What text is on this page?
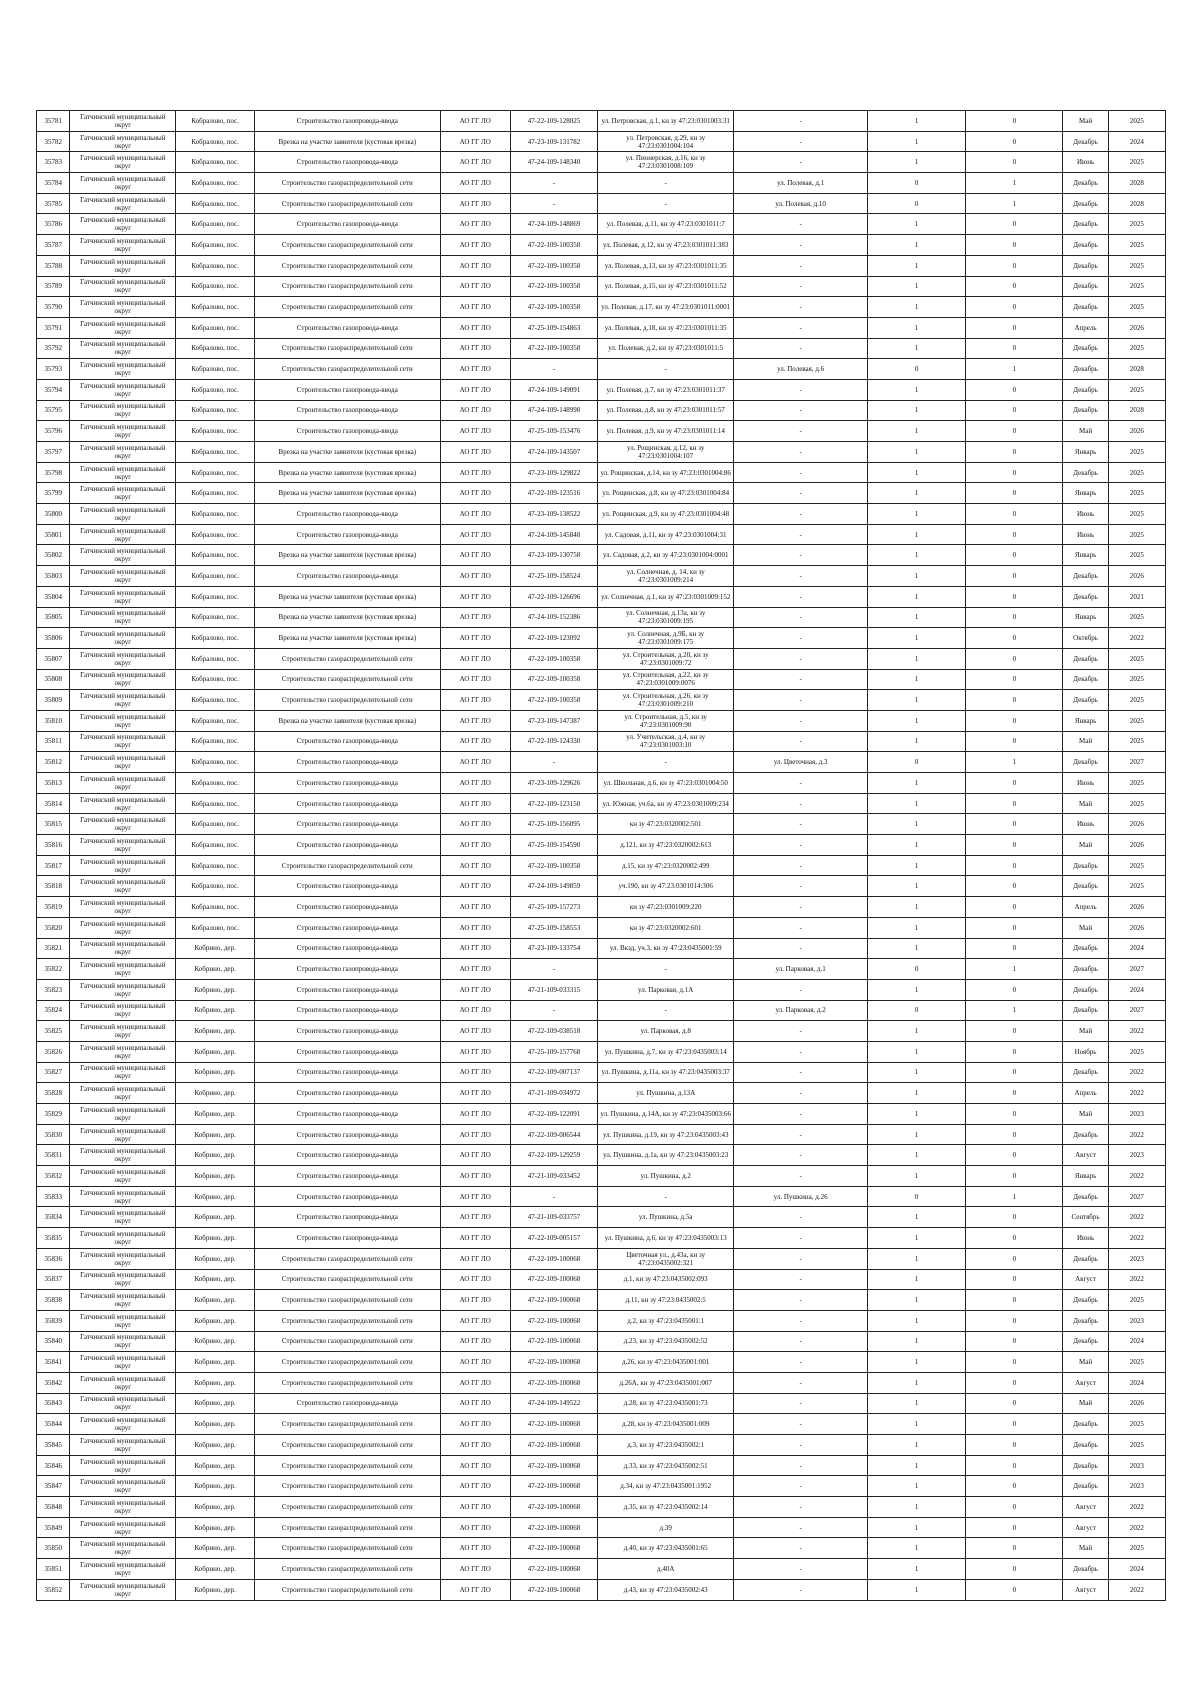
35781	Гатчинский муниципальный округ	Кобралово, пос.	Строительство газопровода-ввода	АО ГГ ЛО	47-22-109-128025	ул. Петровская, д.1, кн зу 47:23:0301003:31	-	1	0	Май	2025
35782	Гатчинский муниципальный округ	Кобралово, пос.	Врезка на участке заявителя (кустовая врезка)	АО ГГ ЛО	47-23-109-131782	ул. Петровская, д.29, кн зу 47:23:0301004:104	-	1	0	Декабрь	2024
35783	Гатчинский муниципальный округ	Кобралово, пос.	Строительство газопровода-ввода	АО ГГ ЛО	47-24-109-148340	ул. Пионерская, д.16, кн зу 47:23:0301008:109	-	1	0	Июнь	2025
35784	Гатчинский муниципальный округ	Кобралово, пос.	Строительство газораспределительной сети	АО ГГ ЛО	-	-	ул. Полевая, д.1	0	1	Декабрь	2028
35785	Гатчинский муниципальный округ	Кобралово, пос.	Строительство газораспределительной сети	АО ГГ ЛО	-	-	ул. Полевая, д.10	0	1	Декабрь	2028
35786	Гатчинский муниципальный округ	Кобралово, пос.	Строительство газопровода-ввода	АО ГГ ЛО	47-24-109-148869	ул. Полевая, д.11, кн зу 47:23:0301011:7	-	1	0	Декабрь	2025
35787	Гатчинский муниципальный округ	Кобралово, пос.	Строительство газораспределительной сети	АО ГГ ЛО	47-22-109-100358	ул. Полевая, д.12, кн зу 47:23:0301011:383	-	1	0	Декабрь	2025
35788	Гатчинский муниципальный округ	Кобралово, пос.	Строительство газораспределительной сети	АО ГГ ЛО	47-22-109-100358	ул. Полевая, д.13, кн зу 47:23:0301011:35	-	1	0	Декабрь	2025
35789	Гатчинский муниципальный округ	Кобралово, пос.	Строительство газораспределительной сети	АО ГГ ЛО	47-22-109-100358	ул. Полевая, д.15, кн зу 47:23:0301011:52	-	1	0	Декабрь	2025
35790	Гатчинский муниципальный округ	Кобралово, пос.	Строительство газораспределительной сети	АО ГГ ЛО	47-22-109-100358	ул. Полевая, д.17, кн зу 47:23:0301011:0001	-	1	0	Декабрь	2025
35791	Гатчинский муниципальный округ	Кобралово, пос.	Строительство газопровода-ввода	АО ГГ ЛО	47-25-109-154863	ул. Полевая, д.18, кн зу 47:23:0301011:35	-	1	0	Апрель	2026
35792	Гатчинский муниципальный округ	Кобралово, пос.	Строительство газораспределительной сети	АО ГГ ЛО	47-22-109-100358	ул. Полевая, д.2, кн зу 47:23:0301011:5	-	1	0	Декабрь	2025
35793	Гатчинский муниципальный округ	Кобралово, пос.	Строительство газораспределительной сети	АО ГГ ЛО	-	-	ул. Полевая, д.6	0	1	Декабрь	2028
35794	Гатчинский муниципальный округ	Кобралово, пос.	Строительство газопровода-ввода	АО ГГ ЛО	47-24-109-149091	ул. Полевая, д.7, кн зу 47:23:0301011:37	-	1	0	Декабрь	2025
35795	Гатчинский муниципальный округ	Кобралово, пос.	Строительство газопровода-ввода	АО ГГ ЛО	47-24-109-148998	ул. Полевая, д.8, кн зу 47:23:0301011:57	-	1	0	Декабрь	2028
35796	Гатчинский муниципальный округ	Кобралово, пос.	Строительство газопровода-ввода	АО ГГ ЛО	47-25-109-153476	ул. Полевая, д.9, кн зу 47:23:0301011:14	-	1	0	Май	2026
35797	Гатчинский муниципальный округ	Кобралово, пос.	Врезка на участке заявителя (кустовая врезка)	АО ГГ ЛО	47-24-109-143507	ул. Рощинская, д.12, кн зу 47:23:0301004:107	-	1	0	Январь	2025
35798	Гатчинский муниципальный округ	Кобралово, пос.	Врезка на участке заявителя (кустовая врезка)	АО ГГ ЛО	47-23-109-129822	ул. Рощинская, д.14, кн зу 47:23:0301004:86	-	1	0	Декабрь	2025
35799	Гатчинский муниципальный округ	Кобралово, пос.	Врезка на участке заявителя (кустовая врезка)	АО ГГ ЛО	47-22-109-123516	ул. Рощинская, д.8, кн зу 47:23:0301004:84	-	1	0	Январь	2025
35800	Гатчинский муниципальный округ	Кобралово, пос.	Строительство газопровода-ввода	АО ГГ ЛО	47-23-109-138522	ул. Рощинская, д.9, кн зу 47:23:0301004:48	-	1	0	Июнь	2025
35801	Гатчинский муниципальный округ	Кобралово, пос.	Строительство газопровода-ввода	АО ГГ ЛО	47-24-109-145848	ул. Садовая, д.11, кн зу 47:23:0301004:31	-	1	0	Июнь	2025
35802	Гатчинский муниципальный округ	Кобралово, пос.	Врезка на участке заявителя (кустовая врезка)	АО ГГ ЛО	47-23-109-130758	ул. Садовая, д.2, кн зу 47:23:0301004:0001	-	1	0	Январь	2025
35803	Гатчинский муниципальный округ	Кобралово, пос.	Строительство газопровода-ввода	АО ГГ ЛО	47-25-109-158524	ул. Солнечная, д. 14, кн зу 47:23:0301009:214	-	1	0	Декабрь	2026
35804	Гатчинский муниципальный округ	Кобралово, пос.	Врезка на участке заявителя (кустовая врезка)	АО ГГ ЛО	47-22-109-126696	ул. Солнечная, д.1, кн зу 47:23:0301009:152	-	1	0	Декабрь	2021
35805	Гатчинский муниципальный округ	Кобралово, пос.	Врезка на участке заявителя (кустовая врезка)	АО ГГ ЛО	47-24-109-152386	ул. Солнечная, д.13а, кн зу 47:23:0301009:195	-	1	0	Январь	2025
35806	Гатчинский муниципальный округ	Кобралово, пос.	Врезка на участке заявителя (кустовая врезка)	АО ГГ ЛО	47-22-109-123092	ул. Солнечная, д.9Б, кн зу 47:23:0301009:175	-	1	0	Октябрь	2022
35807	Гатчинский муниципальный округ	Кобралово, пос.	Строительство газораспределительной сети	АО ГГ ЛО	47-22-109-100358	ул. Строительная, д.20, кн зу 47:23:0301009:72	-	1	0	Декабрь	2025
35808	Гатчинский муниципальный округ	Кобралово, пос.	Строительство газораспределительной сети	АО ГГ ЛО	47-22-109-100358	ул. Строительная, д.22, кн зу 47:23:0301009:0076	-	1	0	Декабрь	2025
35809	Гатчинский муниципальный округ	Кобралово, пос.	Строительство газораспределительной сети	АО ГГ ЛО	47-22-109-100358	ул. Строительная, д.26, кн зу 47:23:0301009:210	-	1	0	Декабрь	2025
35810	Гатчинский муниципальный округ	Кобралово, пос.	Врезка на участке заявителя (кустовая врезка)	АО ГГ ЛО	47-23-109-147387	ул. Строительная, д.5, кн зу 47:23:0301009:90	-	1	0	Январь	2025
35811	Гатчинский муниципальный округ	Кобралово, пос.	Строительство газопровода-ввода	АО ГГ ЛО	47-22-109-124330	ул. Учительская, д.4, кн зу 47:23:0301003:10	-	1	0	Май	2025
35812	Гатчинский муниципальный округ	Кобралово, пос.	Строительство газопровода-ввода	АО ГГ ЛО	-	-	ул. Цветочная, д.3	0	1	Декабрь	2027
35813	Гатчинский муниципальный округ	Кобралово, пос.	Строительство газопровода-ввода	АО ГГ ЛО	47-23-109-129626	ул. Школьная, д.6, кн зу 47:23:0301004:50	-	1	0	Июнь	2025
35814	Гатчинский муниципальный округ	Кобралово, пос.	Строительство газопровода-ввода	АО ГГ ЛО	47-22-109-123150	ул. Южная, уч.6а, кн зу 47:23:0301009:234	-	1	0	Май	2025
35815	Гатчинский муниципальный округ	Кобралово, пос.	Строительство газопровода-ввода	АО ГГ ЛО	47-25-109-156095	кн зу 47:23:0320002:501	-	1	0	Июнь	2026
35816	Гатчинский муниципальный округ	Кобралово, пос.	Строительство газопровода-ввода	АО ГГ ЛО	47-25-109-154590	д.121, кн зу 47:23:0320002:613	-	1	0	Май	2026
35817	Гатчинский муниципальный округ	Кобралово, пос.	Строительство газораспределительной сети	АО ГГ ЛО	47-22-109-100358	д.15, кн зу 47:23:0320002:499	-	1	0	Декабрь	2025
35818	Гатчинский муниципальный округ	Кобралово, пос.	Строительство газопровода-ввода	АО ГГ ЛО	47-24-109-149859	уч.190, кн зу 47:23:0301014:306	-	1	0	Декабрь	2025
35819	Гатчинский муниципальный округ	Кобралово, пос.	Строительство газопровода-ввода	АО ГГ ЛО	47-25-109-157273	кн зу 47:23:0301009:220	-	1	0	Апрель	2026
35820	Гатчинский муниципальный округ	Кобралово, пос.	Строительство газопровода-ввода	АО ГГ ЛО	47-25-109-158553	кн зу 47:23:0320002:601	-	1	0	Май	2026
35821	Гатчинский муниципальный округ	Кобрино, дер.	Строительство газопровода-ввода	АО ГГ ЛО	47-23-109-133754	ул. Вкзд, уч.3, кн зу 47:23:0435001:59	-	1	0	Декабрь	2024
35822	Гатчинский муниципальный округ	Кобрино, дер.	Строительство газопровода-ввода	АО ГГ ЛО	-	-	ул. Парковая, д.1	0	1	Декабрь	2027
35823	Гатчинский муниципальный округ	Кобрино, дер.	Строительство газопровода-ввода	АО ГГ ЛО	47-21-109-033315	ул. Парковая, д.1А	-	1	0	Декабрь	2024
35824	Гатчинский муниципальный округ	Кобрино, дер.	Строительство газопровода-ввода	АО ГГ ЛО	-	-	ул. Парковая, д.2	0	1	Декабрь	2027
35825	Гатчинский муниципальный округ	Кобрино, дер.	Строительство газопровода-ввода	АО ГГ ЛО	47-22-109-038518	ул. Парковая, д.8	-	1	0	Май	2022
35826	Гатчинский муниципальный округ	Кобрино, дер.	Строительство газопровода-ввода	АО ГГ ЛО	47-25-109-157768	ул. Пушкина, д.7, кн зу 47:23:0435003:14	-	1	0	Ноябрь	2025
35827	Гатчинский муниципальный округ	Кобрино, дер.	Строительство газопровода-ввода	АО ГГ ЛО	47-22-109-007137	ул. Пушкина, д.11а, кн зу 47:23:0435003:37	-	1	0	Декабрь	2022
35828	Гатчинский муниципальный округ	Кобрино, дер.	Строительство газопровода-ввода	АО ГГ ЛО	47-21-109-034972	ул. Пушкина, д.13А	-	1	0	Апрель	2022
35829	Гатчинский муниципальный округ	Кобрино, дер.	Строительство газопровода-ввода	АО ГГ ЛО	47-22-109-122091	ул. Пушкина, д.14А, кн зу 47:23:0435003:66	-	1	0	Май	2023
35830	Гатчинский муниципальный округ	Кобрино, дер.	Строительство газопровода-ввода	АО ГГ ЛО	47-22-109-006544	ул. Пушкина, д.19, кн зу 47:23:0435003:43	-	1	0	Декабрь	2022
35831	Гатчинский муниципальный округ	Кобрино, дер.	Строительство газопровода-ввода	АО ГГ ЛО	47-22-109-129259	ул. Пушкина, д.1а, кн зу 47:23:0435003:23	-	1	0	Август	2023
35832	Гатчинский муниципальный округ	Кобрино, дер.	Строительство газопровода-ввода	АО ГГ ЛО	47-21-109-033452	ул. Пушкина, д.2	-	1	0	Январь	2022
35833	Гатчинский муниципальный округ	Кобрино, дер.	Строительство газопровода-ввода	АО ГГ ЛО	-	-	ул. Пушкина, д.26	0	1	Декабрь	2027
35834	Гатчинский муниципальный округ	Кобрино, дер.	Строительство газопровода-ввода	АО ГГ ЛО	47-21-109-033757	ул. Пушкина, д.5а	-	1	0	Сентябрь	2022
35835	Гатчинский муниципальный округ	Кобрино, дер.	Строительство газопровода-ввода	АО ГГ ЛО	47-22-109-005157	ул. Пушкина, д.6, кн зу 47:23:0435003:13	-	1	0	Июнь	2022
35836	Гатчинский муниципальный округ	Кобрино, дер.	Строительство газораспределительной сети	АО ГГ ЛО	47-22-109-100068	Цветочная ул., д.43а, кн зу 47:23:0435002:321	-	1	0	Декабрь	2023
35837	Гатчинский муниципальный округ	Кобрино, дер.	Строительство газораспределительной сети	АО ГГ ЛО	47-22-109-100068	д.1, кн зу 47:23:0435002:093	-	1	0	Август	2022
35838	Гатчинский муниципальный округ	Кобрино, дер.	Строительство газораспределительной сети	АО ГГ ЛО	47-22-109-100068	д.11, кн зу 47:23:0435002:5	-	1	0	Декабрь	2025
35839	Гатчинский муниципальный округ	Кобрино, дер.	Строительство газораспределительной сети	АО ГГ ЛО	47-22-109-100068	д.2, кн зу 47:23:0435001:1	-	1	0	Декабрь	2023
35840	Гатчинский муниципальный округ	Кобрино, дер.	Строительство газораспределительной сети	АО ГГ ЛО	47-22-109-100068	д.23, кн зу 47:23:0435002:52	-	1	0	Декабрь	2024
35841	Гатчинский муниципальный округ	Кобрино, дер.	Строительство газораспределительной сети	АО ГГ ЛО	47-22-109-100068	д.26, кн зу 47:23:0435001:001	-	1	0	Май	2025
35842	Гатчинский муниципальный округ	Кобрино, дер.	Строительство газораспределительной сети	АО ГГ ЛО	47-22-109-100068	д.26А, кн зу 47:23:0435001:007	-	1	0	Август	2024
35843	Гатчинский муниципальный округ	Кобрино, дер.	Строительство газопровода-ввода	АО ГГ ЛО	47-24-109-149522	д.28, кн зу 47:23:0435001:73	-	1	0	Май	2026
35844	Гатчинский муниципальный округ	Кобрино, дер.	Строительство газораспределительной сети	АО ГГ ЛО	47-22-109-100068	д.28, кн зу 47:23:0435001:009	-	1	0	Декабрь	2025
35845	Гатчинский муниципальный округ	Кобрино, дер.	Строительство газораспределительной сети	АО ГГ ЛО	47-22-109-100068	д.3, кн зу 47:23:0435002:1	-	1	0	Декабрь	2025
35846	Гатчинский муниципальный округ	Кобрино, дер.	Строительство газораспределительной сети	АО ГГ ЛО	47-22-109-100068	д.33, кн зу 47:23:0435002:51	-	1	0	Декабрь	2023
35847	Гатчинский муниципальный округ	Кобрино, дер.	Строительство газораспределительной сети	АО ГГ ЛО	47-22-109-100068	д.34, кн зу 47:23:0435001:1952	-	1	0	Декабрь	2023
35848	Гатчинский муниципальный округ	Кобрино, дер.	Строительство газораспределительной сети	АО ГГ ЛО	47-22-109-100068	д.35, кн зу 47:23:0435002:14	-	1	0	Август	2022
35849	Гатчинский муниципальный округ	Кобрино, дер.	Строительство газораспределительной сети	АО ГГ ЛО	47-22-109-100068	д.39	-	1	0	Август	2022
35850	Гатчинский муниципальный округ	Кобрино, дер.	Строительство газораспределительной сети	АО ГГ ЛО	47-22-109-100068	д.40, кн зу 47:23:0435001:65	-	1	0	Май	2025
35851	Гатчинский муниципальный округ	Кобрино, дер.	Строительство газораспределительной сети	АО ГГ ЛО	47-22-109-100068	д.40А	-	1	0	Декабрь	2024
35852	Гатчинский муниципальный округ	Кобрино, дер.	Строительство газораспределительной сети	АО ГГ ЛО	47-22-109-100068	д.43, кн зу 47:23:0435002:43	-	1	0	Август	2022
